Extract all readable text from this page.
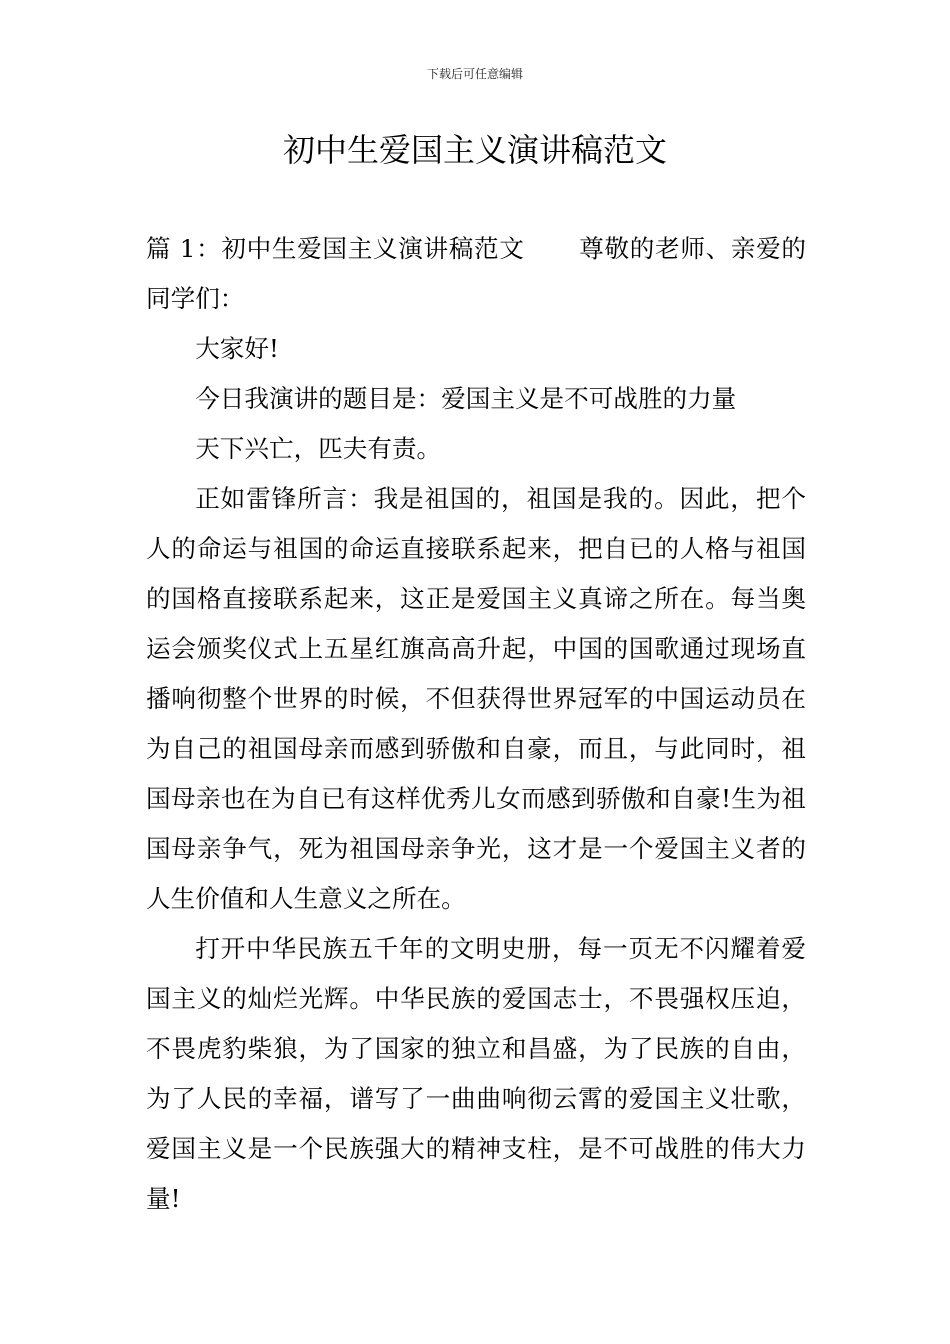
下载后可任意编辑
初中生爱国主义演讲稿范文

篇 1：初中生爱国主义演讲稿范文 尊敬的老师、亲爱的同学们：

大家好!

今日我演讲的题目是：爱国主义是不可战胜的力量

天下兴亡，匹夫有责。

正如雷锋所言：我是祖国的，祖国是我的。因此，把个人的命运与祖国的命运直接联系起来，把自已的人格与祖国的国格直接联系起来，这正是爱国主义真谛之所在。每当奥运会颁奖仪式上五星红旗高高升起，中国的国歌通过现场直播响彻整个世界的时候，不但获得世界冠军的中国运动员在为自己的祖国母亲而感到骄傲和自豪，而且，与此同时，祖国母亲也在为自已有这样优秀儿女而感到骄傲和自豪!生为祖国母亲争气，死为祖国母亲争光，这才是一个爱国主义者的人生价值和人生意义之所在。

打开中华民族五千年的文明史册，每一页无不闪耀着爱国主义的灿烂光辉。中华民族的爱国志士，不畏强权压迫，不畏虎豹柴狼，为了国家的独立和昌盛，为了民族的自由，为了人民的幸福，谱写了一曲曲响彻云霄的爱国主义壮歌，爱国主义是一个民族强大的精神支柱，是不可战胜的伟大力量!
